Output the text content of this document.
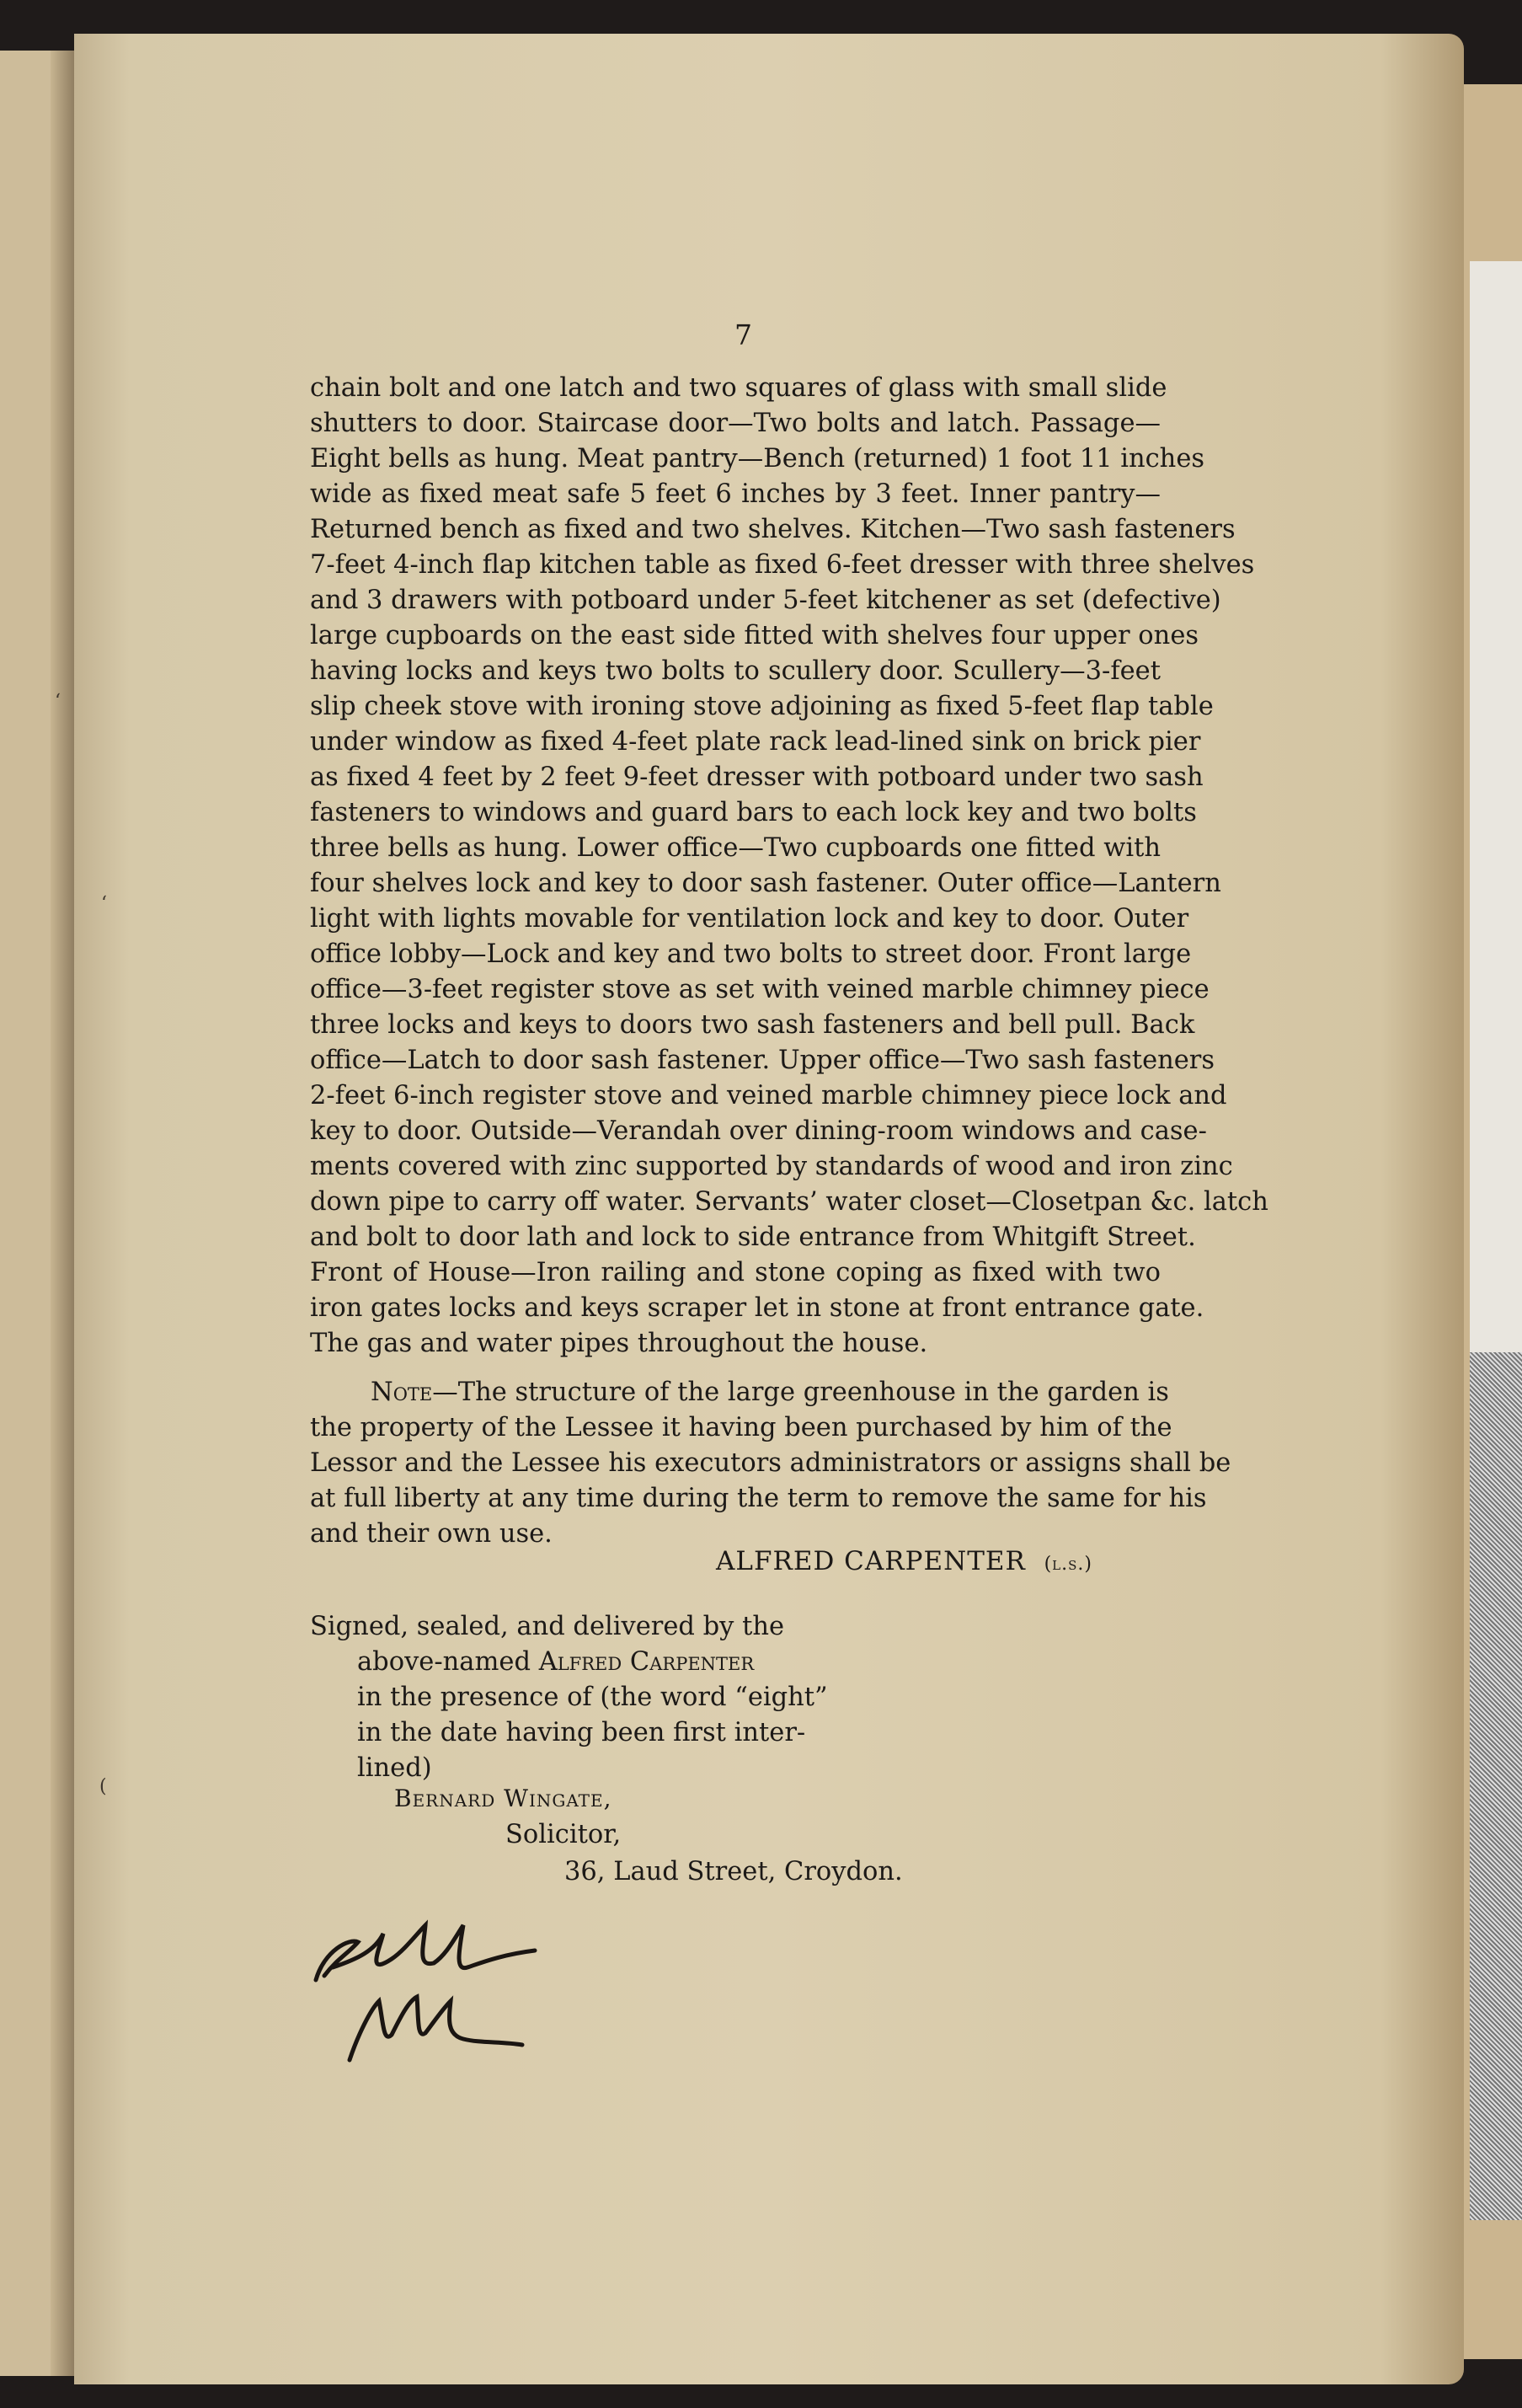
7
chain bolt and one latch and two squares of glass with small slide
shutters to door. Staircase door—Two bolts and latch. Passage—
Eight bells as hung. Meat pantry—Bench (returned) 1 foot 11 inches
wide as fixed meat safe 5 feet 6 inches by 3 feet. Inner pantry—
Returned bench as fixed and two shelves. Kitchen—Two sash fasteners
7-feet 4-inch flap kitchen table as fixed 6-feet dresser with three shelves
and 3 drawers with potboard under 5-feet kitchener as set (defective)
large cupboards on the east side fitted with shelves four upper ones
having locks and keys two bolts to scullery door. Scullery—3-feet
slip cheek stove with ironing stove adjoining as fixed 5-feet flap table
under window as fixed 4-feet plate rack lead-lined sink on brick pier
as fixed 4 feet by 2 feet 9-feet dresser with potboard under two sash
fasteners to windows and guard bars to each lock key and two bolts
three bells as hung. Lower office—Two cupboards one fitted with
four shelves lock and key to door sash fastener. Outer office—Lantern
light with lights movable for ventilation lock and key to door. Outer
office lobby—Lock and key and two bolts to street door. Front large
office—3-feet register stove as set with veined marble chimney piece
three locks and keys to doors two sash fasteners and bell pull. Back
office—Latch to door sash fastener. Upper office—Two sash fasteners
2-feet 6-inch register stove and veined marble chimney piece lock and
key to door. Outside—Verandah over dining-room windows and case-
ments covered with zinc supported by standards of wood and iron zinc
down pipe to carry off water. Servants’ water closet—Closetpan &c. latch
and bolt to door lath and lock to side entrance from Whitgift Street.
Front of House—Iron railing and stone coping as fixed with two
iron gates locks and keys scraper let in stone at front entrance gate.
The gas and water pipes throughout the house.
Note—The structure of the large greenhouse in the garden is
the property of the Lessee it having been purchased by him of the
Lessor and the Lessee his executors administrators or assigns shall be
at full liberty at any time during the term to remove the same for his
and their own use.
ALFRED CARPENTER (l.s.)
Signed, sealed, and delivered by the
above-named Alfred Carpenter
in the presence of (the word “eight”
in the date having been first inter-
lined)
Bernard Wingate,
Solicitor,
36, Laud Street, Croydon.
‘
‘
(
